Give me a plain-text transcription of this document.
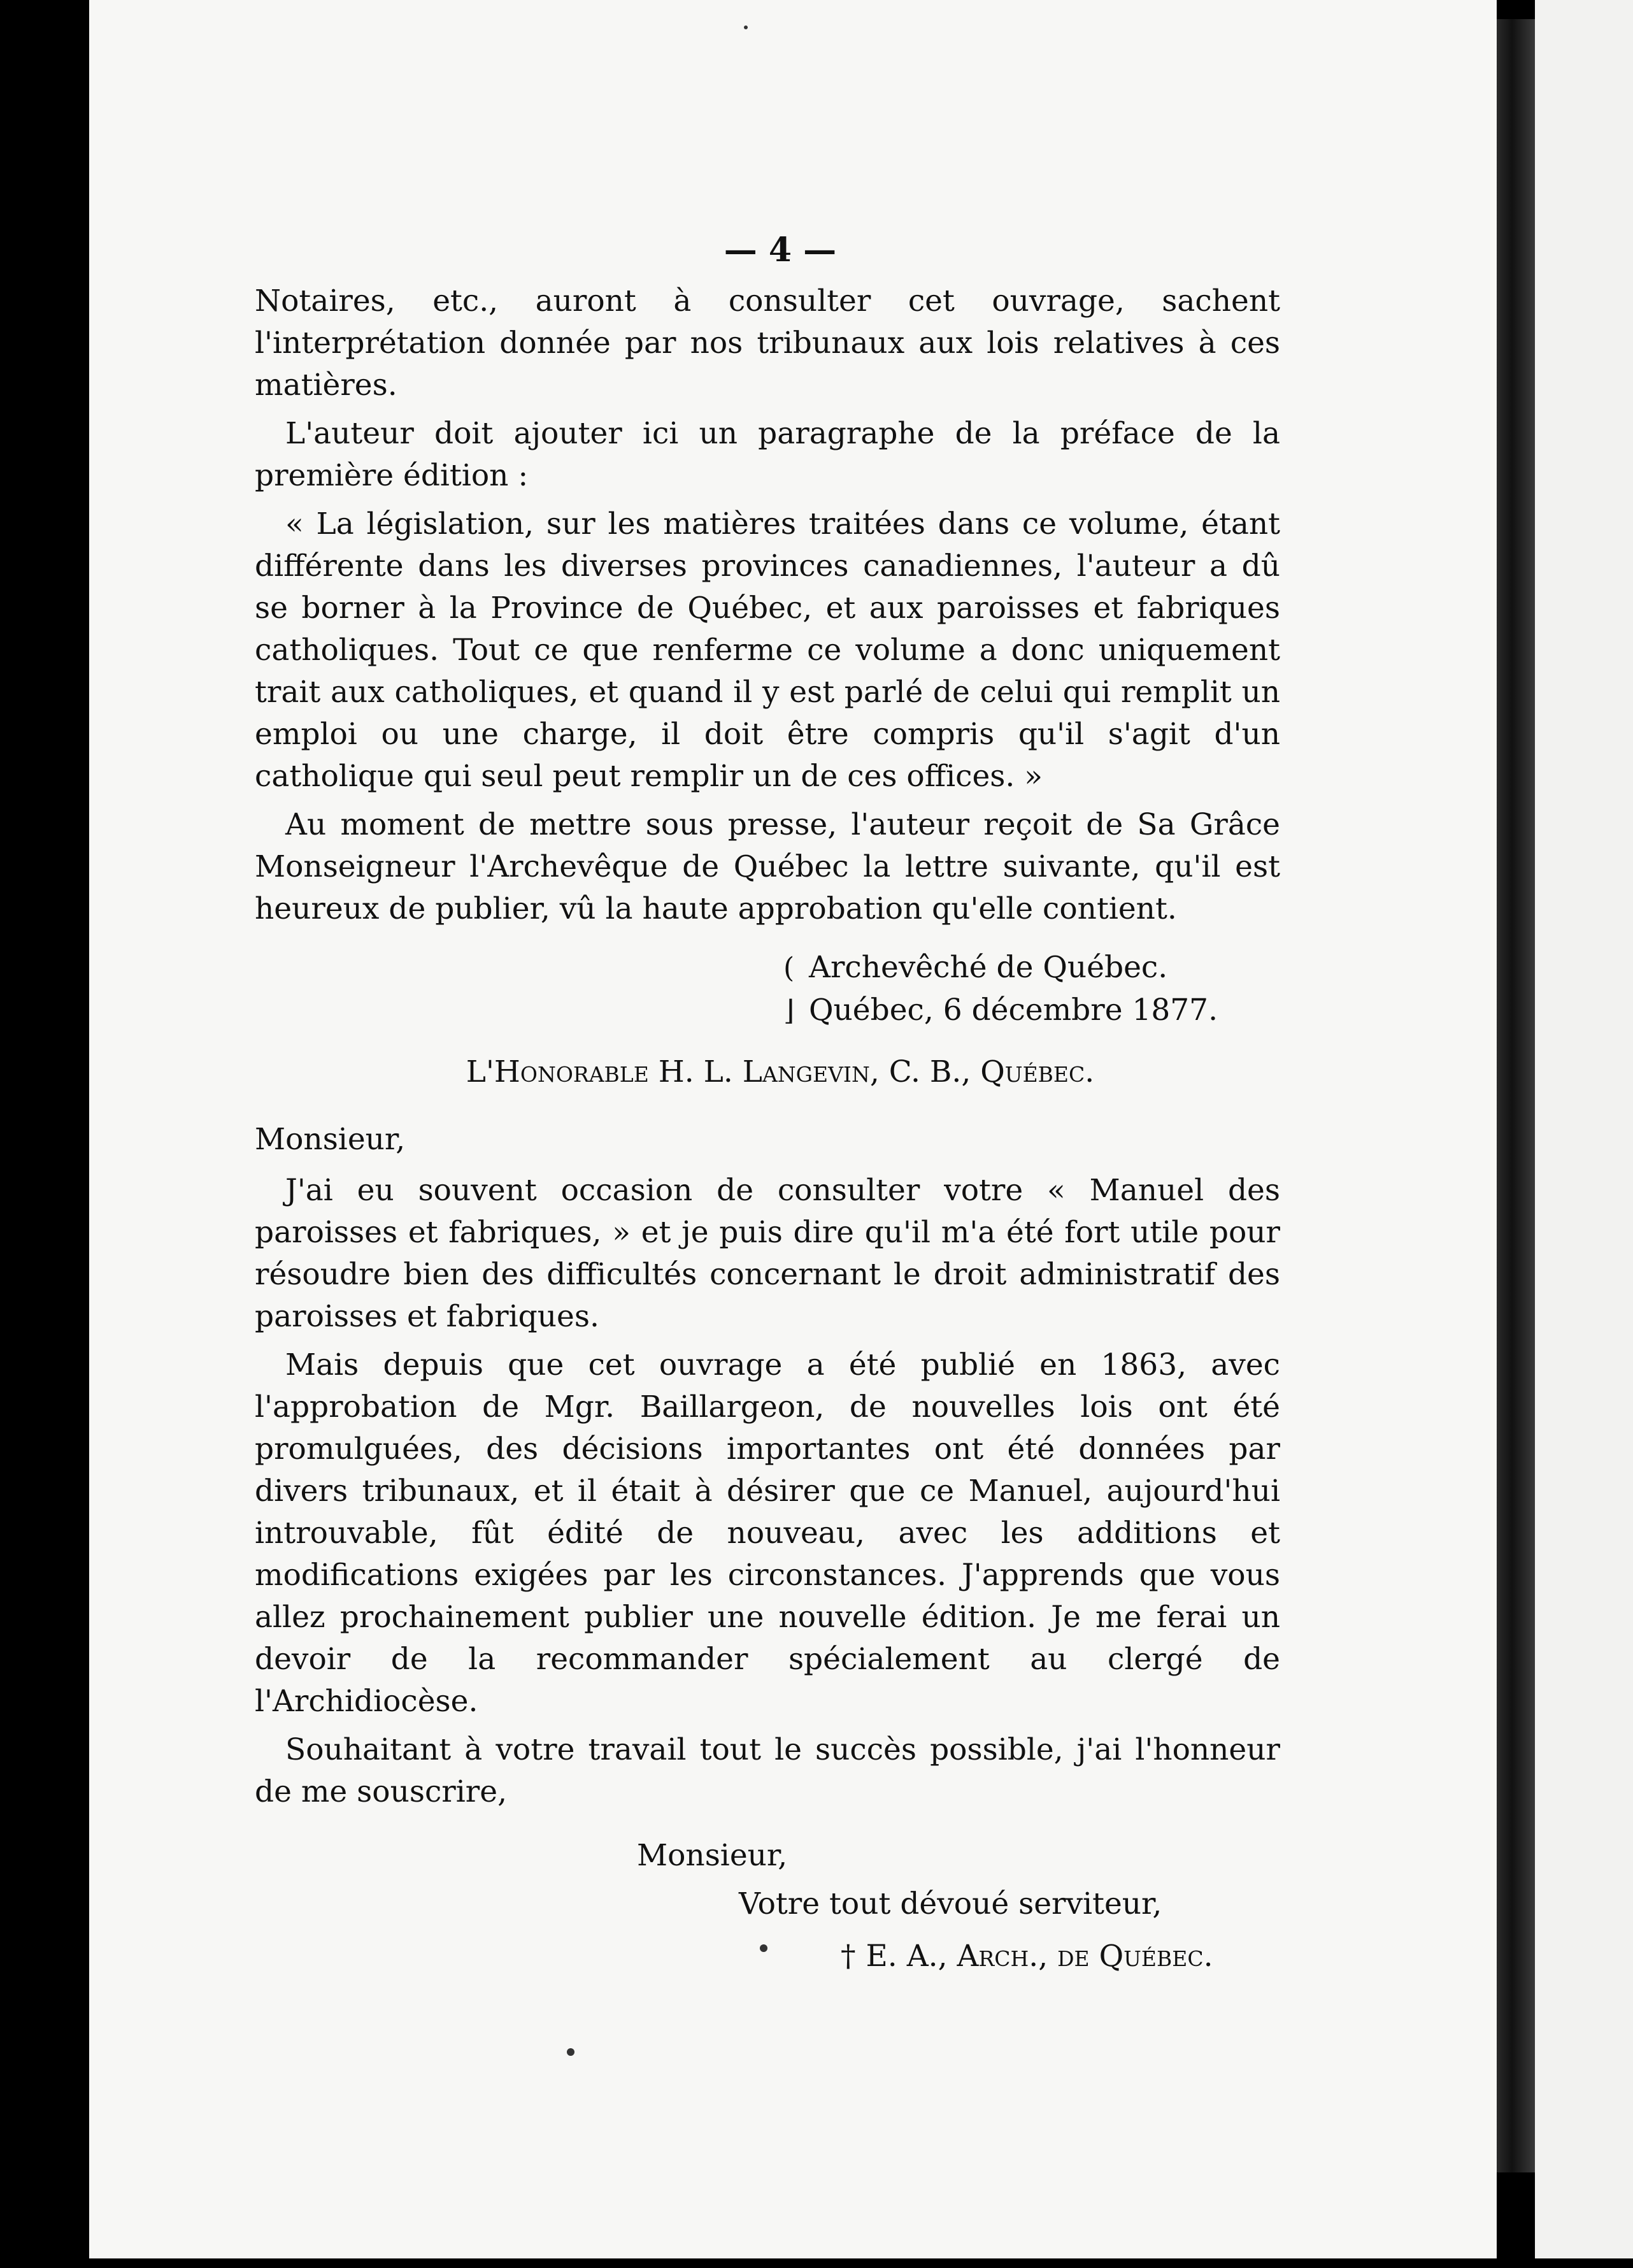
— 4 —

Notaires, etc., auront à consulter cet ouvrage, sachent l'interprétation donnée par nos tribunaux aux lois relatives à ces matières.

L'auteur doit ajouter ici un paragraphe de la préface de la première édition :

« La législation, sur les matières traitées dans ce volume, étant différente dans les diverses provinces canadiennes, l'auteur a dû se borner à la Province de Québec, et aux paroisses et fabriques catholiques. Tout ce que renferme ce volume a donc uniquement trait aux catholiques, et quand il y est parlé de celui qui remplit un emploi ou une charge, il doit être compris qu'il s'agit d'un catholique qui seul peut remplir un de ces offices. »

Au moment de mettre sous presse, l'auteur reçoit de Sa Grâce Monseigneur l'Archevêque de Québec la lettre suivante, qu'il est heureux de publier, vû la haute approbation qu'elle contient.

( Archevêché de Québec.
⌋ Québec, 6 décembre 1877.
L'Honorable H. L. Langevin, C. B., Québec.
Monsieur,

J'ai eu souvent occasion de consulter votre « Manuel des paroisses et fabriques, » et je puis dire qu'il m'a été fort utile pour résoudre bien des difficultés concernant le droit administratif des paroisses et fabriques.

Mais depuis que cet ouvrage a été publié en 1863, avec l'approbation de Mgr. Baillargeon, de nouvelles lois ont été promulguées, des décisions importantes ont été données par divers tribunaux, et il était à désirer que ce Manuel, aujourd'hui introuvable, fût édité de nouveau, avec les additions et modifications exigées par les circonstances. J'apprends que vous allez prochainement publier une nouvelle édition. Je me ferai un devoir de la recommander spécialement au clergé de l'Archidiocèse.

Souhaitant à votre travail tout le succès possible, j'ai l'honneur de me souscrire,

Monsieur,
Votre tout dévoué serviteur,
† E. A., Arch., de Québec.
